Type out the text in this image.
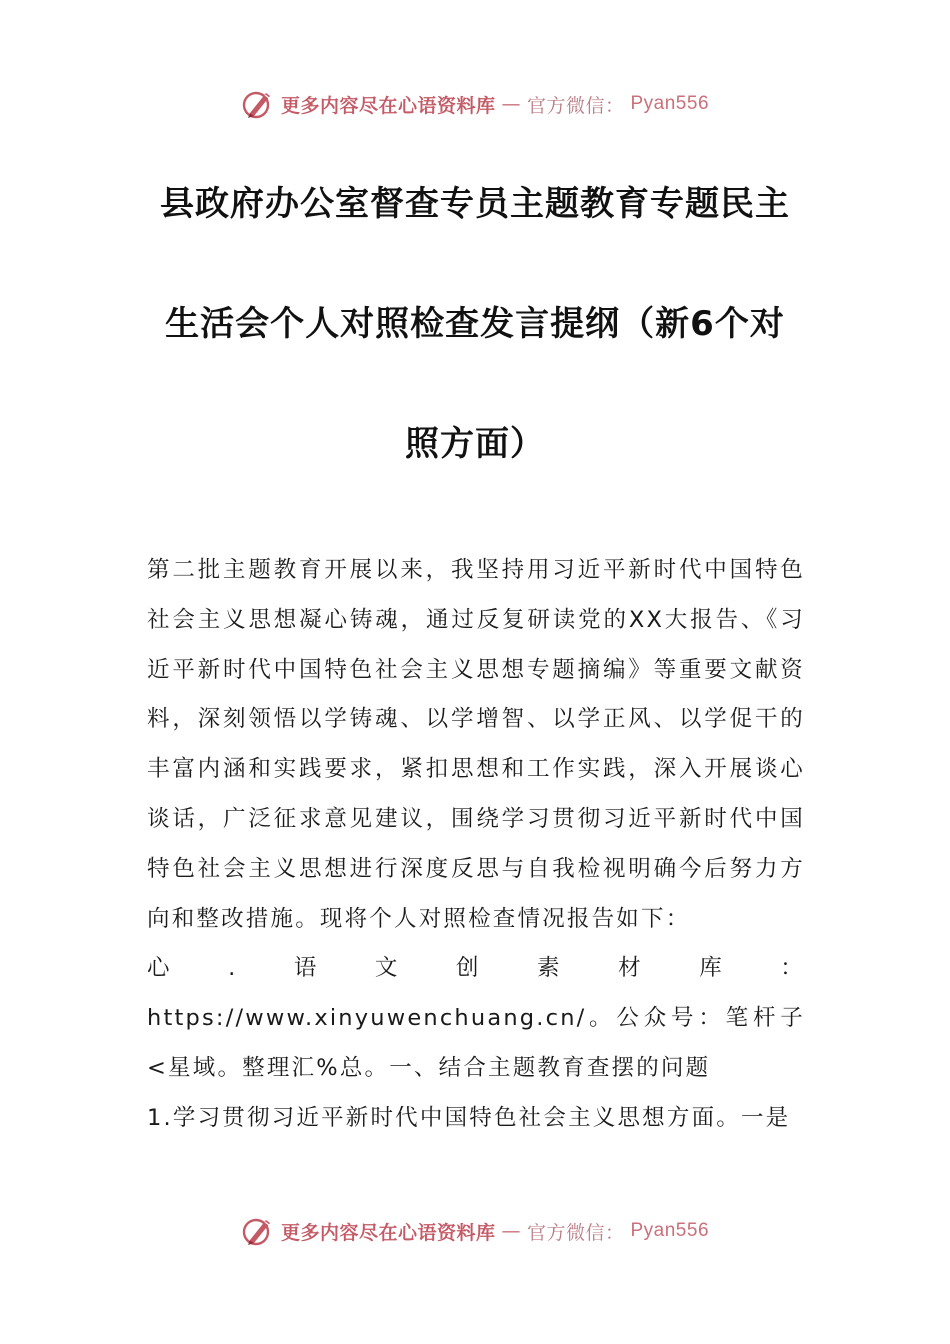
更多内容尽在心语资料库 — 官方微信： Pyan556
县政府办公室督查专员主题教育专题民主
生活会个人对照检查发言提纲（新6个对
照方面）

第二批主题教育开展以来，我坚持用习近平新时代中国特色社会主义思想凝心铸魂，通过反复研读党的XX大报告、《习近平新时代中国特色社会主义思想专题摘编》等重要文献资料，深刻领悟以学铸魂、以学增智、以学正风、以学促干的丰富内涵和实践要求，紧扣思想和工作实践，深入开展谈心谈话，广泛征求意见建议，围绕学习贯彻习近平新时代中国特色社会主义思想进行深度反思与自我检视明确今后努力方向和整改措施。现将个人对照检查情况报告如下：

心.语文创素材库：https://www.xinyuwenchuang.cn/。公众号：笔杆子<星域。整理汇%总。一、结合主题教育查摆的问题

1.学习贯彻习近平新时代中国特色社会主义思想方面。一是

更多内容尽在心语资料库 — 官方微信： Pyan556
